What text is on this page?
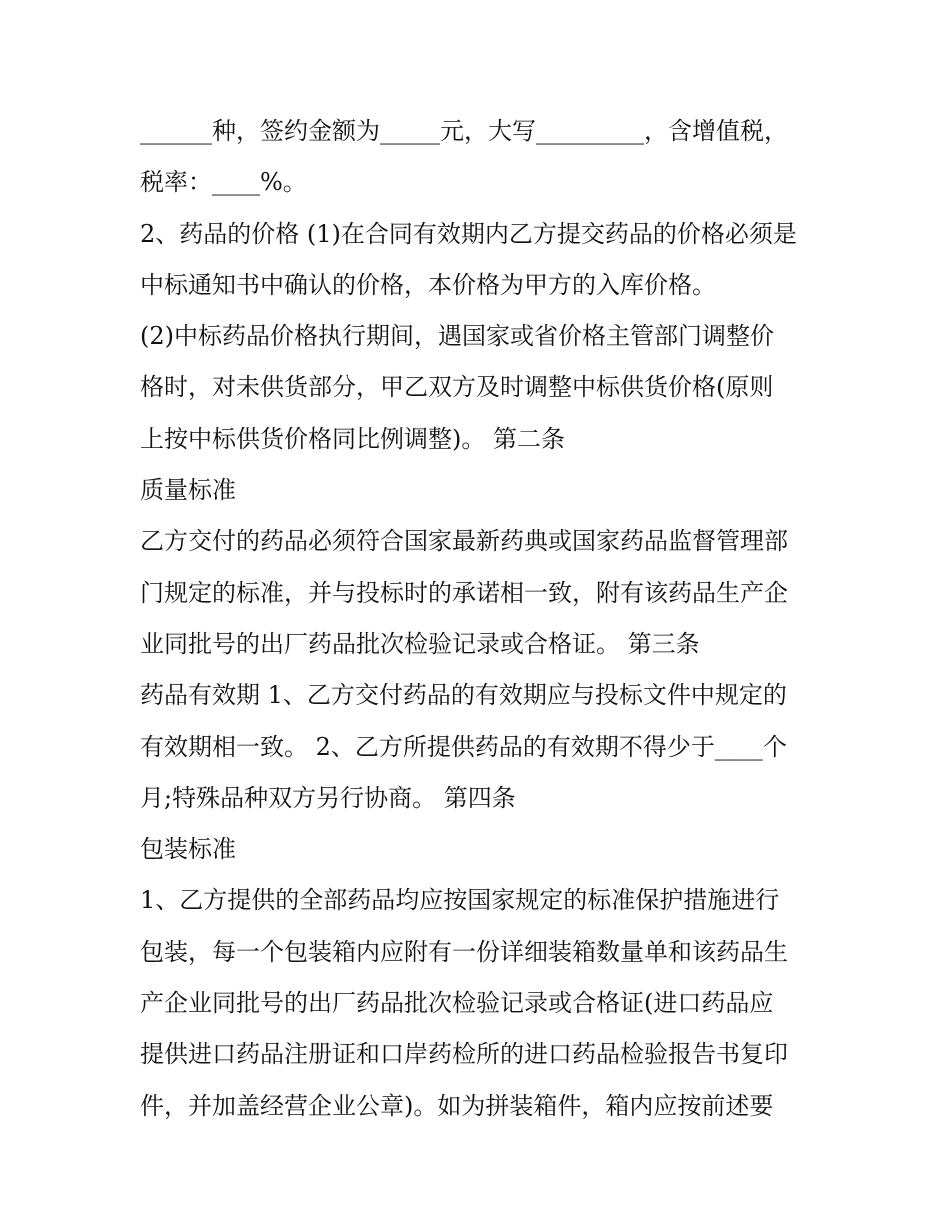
______种，签约金额为_____元，大写_________，含增值税，
税率：____%。
2、药品的价格 (1)在合同有效期内乙方提交药品的价格必须是
中标通知书中确认的价格，本价格为甲方的入库价格。
(2)中标药品价格执行期间，遇国家或省价格主管部门调整价
格时，对未供货部分，甲乙双方及时调整中标供货价格(原则
上按中标供货价格同比例调整)。 第二条
质量标准
乙方交付的药品必须符合国家最新药典或国家药品监督管理部
门规定的标准，并与投标时的承诺相一致，附有该药品生产企
业同批号的出厂药品批次检验记录或合格证。 第三条
药品有效期 1、乙方交付药品的有效期应与投标文件中规定的
有效期相一致。 2、乙方所提供药品的有效期不得少于____个
月;特殊品种双方另行协商。 第四条
包装标准
1、乙方提供的全部药品均应按国家规定的标准保护措施进行
包装，每一个包装箱内应附有一份详细装箱数量单和该药品生
产企业同批号的出厂药品批次检验记录或合格证(进口药品应
提供进口药品注册证和口岸药检所的进口药品检验报告书复印
件，并加盖经营企业公章)。如为拼装箱件，箱内应按前述要
